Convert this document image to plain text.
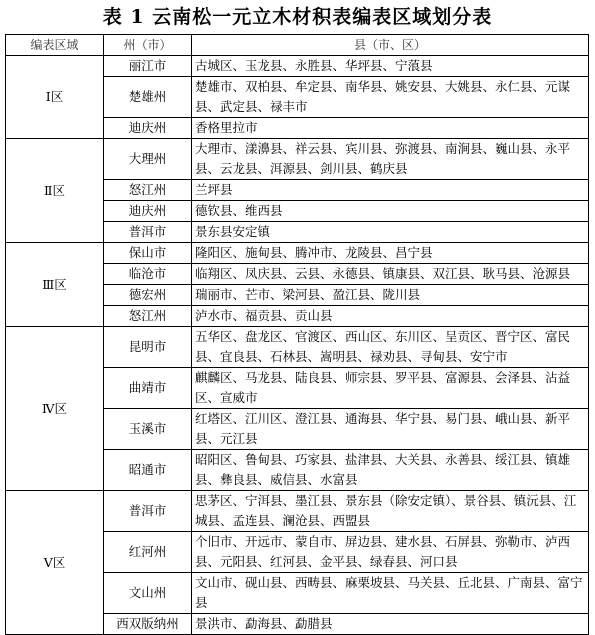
表 1 云南松一元立木材积表编表区域划分表
编表区域	州（市）	县（市、区）
Ⅰ区	丽江市	古城区、玉龙县、永胜县、华坪县、宁蒗县
	楚雄州	楚雄市、双柏县、牟定县、南华县、姚安县、大姚县、永仁县、元谋县、武定县、禄丰市
	迪庆州	香格里拉市
Ⅱ区	大理州	大理市、漾濞县、祥云县、宾川县、弥渡县、南涧县、巍山县、永平县、云龙县、洱源县、剑川县、鹤庆县
	怒江州	兰坪县
	迪庆州	德钦县、维西县
	普洱市	景东县安定镇
Ⅲ区	保山市	隆阳区、施甸县、腾冲市、龙陵县、昌宁县
	临沧市	临翔区、凤庆县、云县、永德县、镇康县、双江县、耿马县、沧源县
	德宏州	瑞丽市、芒市、梁河县、盈江县、陇川县
	怒江州	泸水市、福贡县、贡山县
Ⅳ区	昆明市	五华区、盘龙区、官渡区、西山区、东川区、呈贡区、晋宁区、富民县、宜良县、石林县、嵩明县、禄劝县、寻甸县、安宁市
	曲靖市	麒麟区、马龙县、陆良县、师宗县、罗平县、富源县、会泽县、沾益区、宣威市
	玉溪市	红塔区、江川区、澄江县、通海县、华宁县、易门县、峨山县、新平县、元江县
	昭通市	昭阳区、鲁甸县、巧家县、盐津县、大关县、永善县、绥江县、镇雄县、彝良县、威信县、水富县
Ⅴ区	普洱市	思茅区、宁洱县、墨江县、景东县（除安定镇）、景谷县、镇沅县、江城县、孟连县、澜沧县、西盟县
	红河州	个旧市、开远市、蒙自市、屏边县、建水县、石屏县、弥勒市、泸西县、元阳县、红河县、金平县、绿春县、河口县
	文山州	文山市、砚山县、西畴县、麻栗坡县、马关县、丘北县、广南县、富宁县
	西双版纳州	景洪市、勐海县、勐腊县
